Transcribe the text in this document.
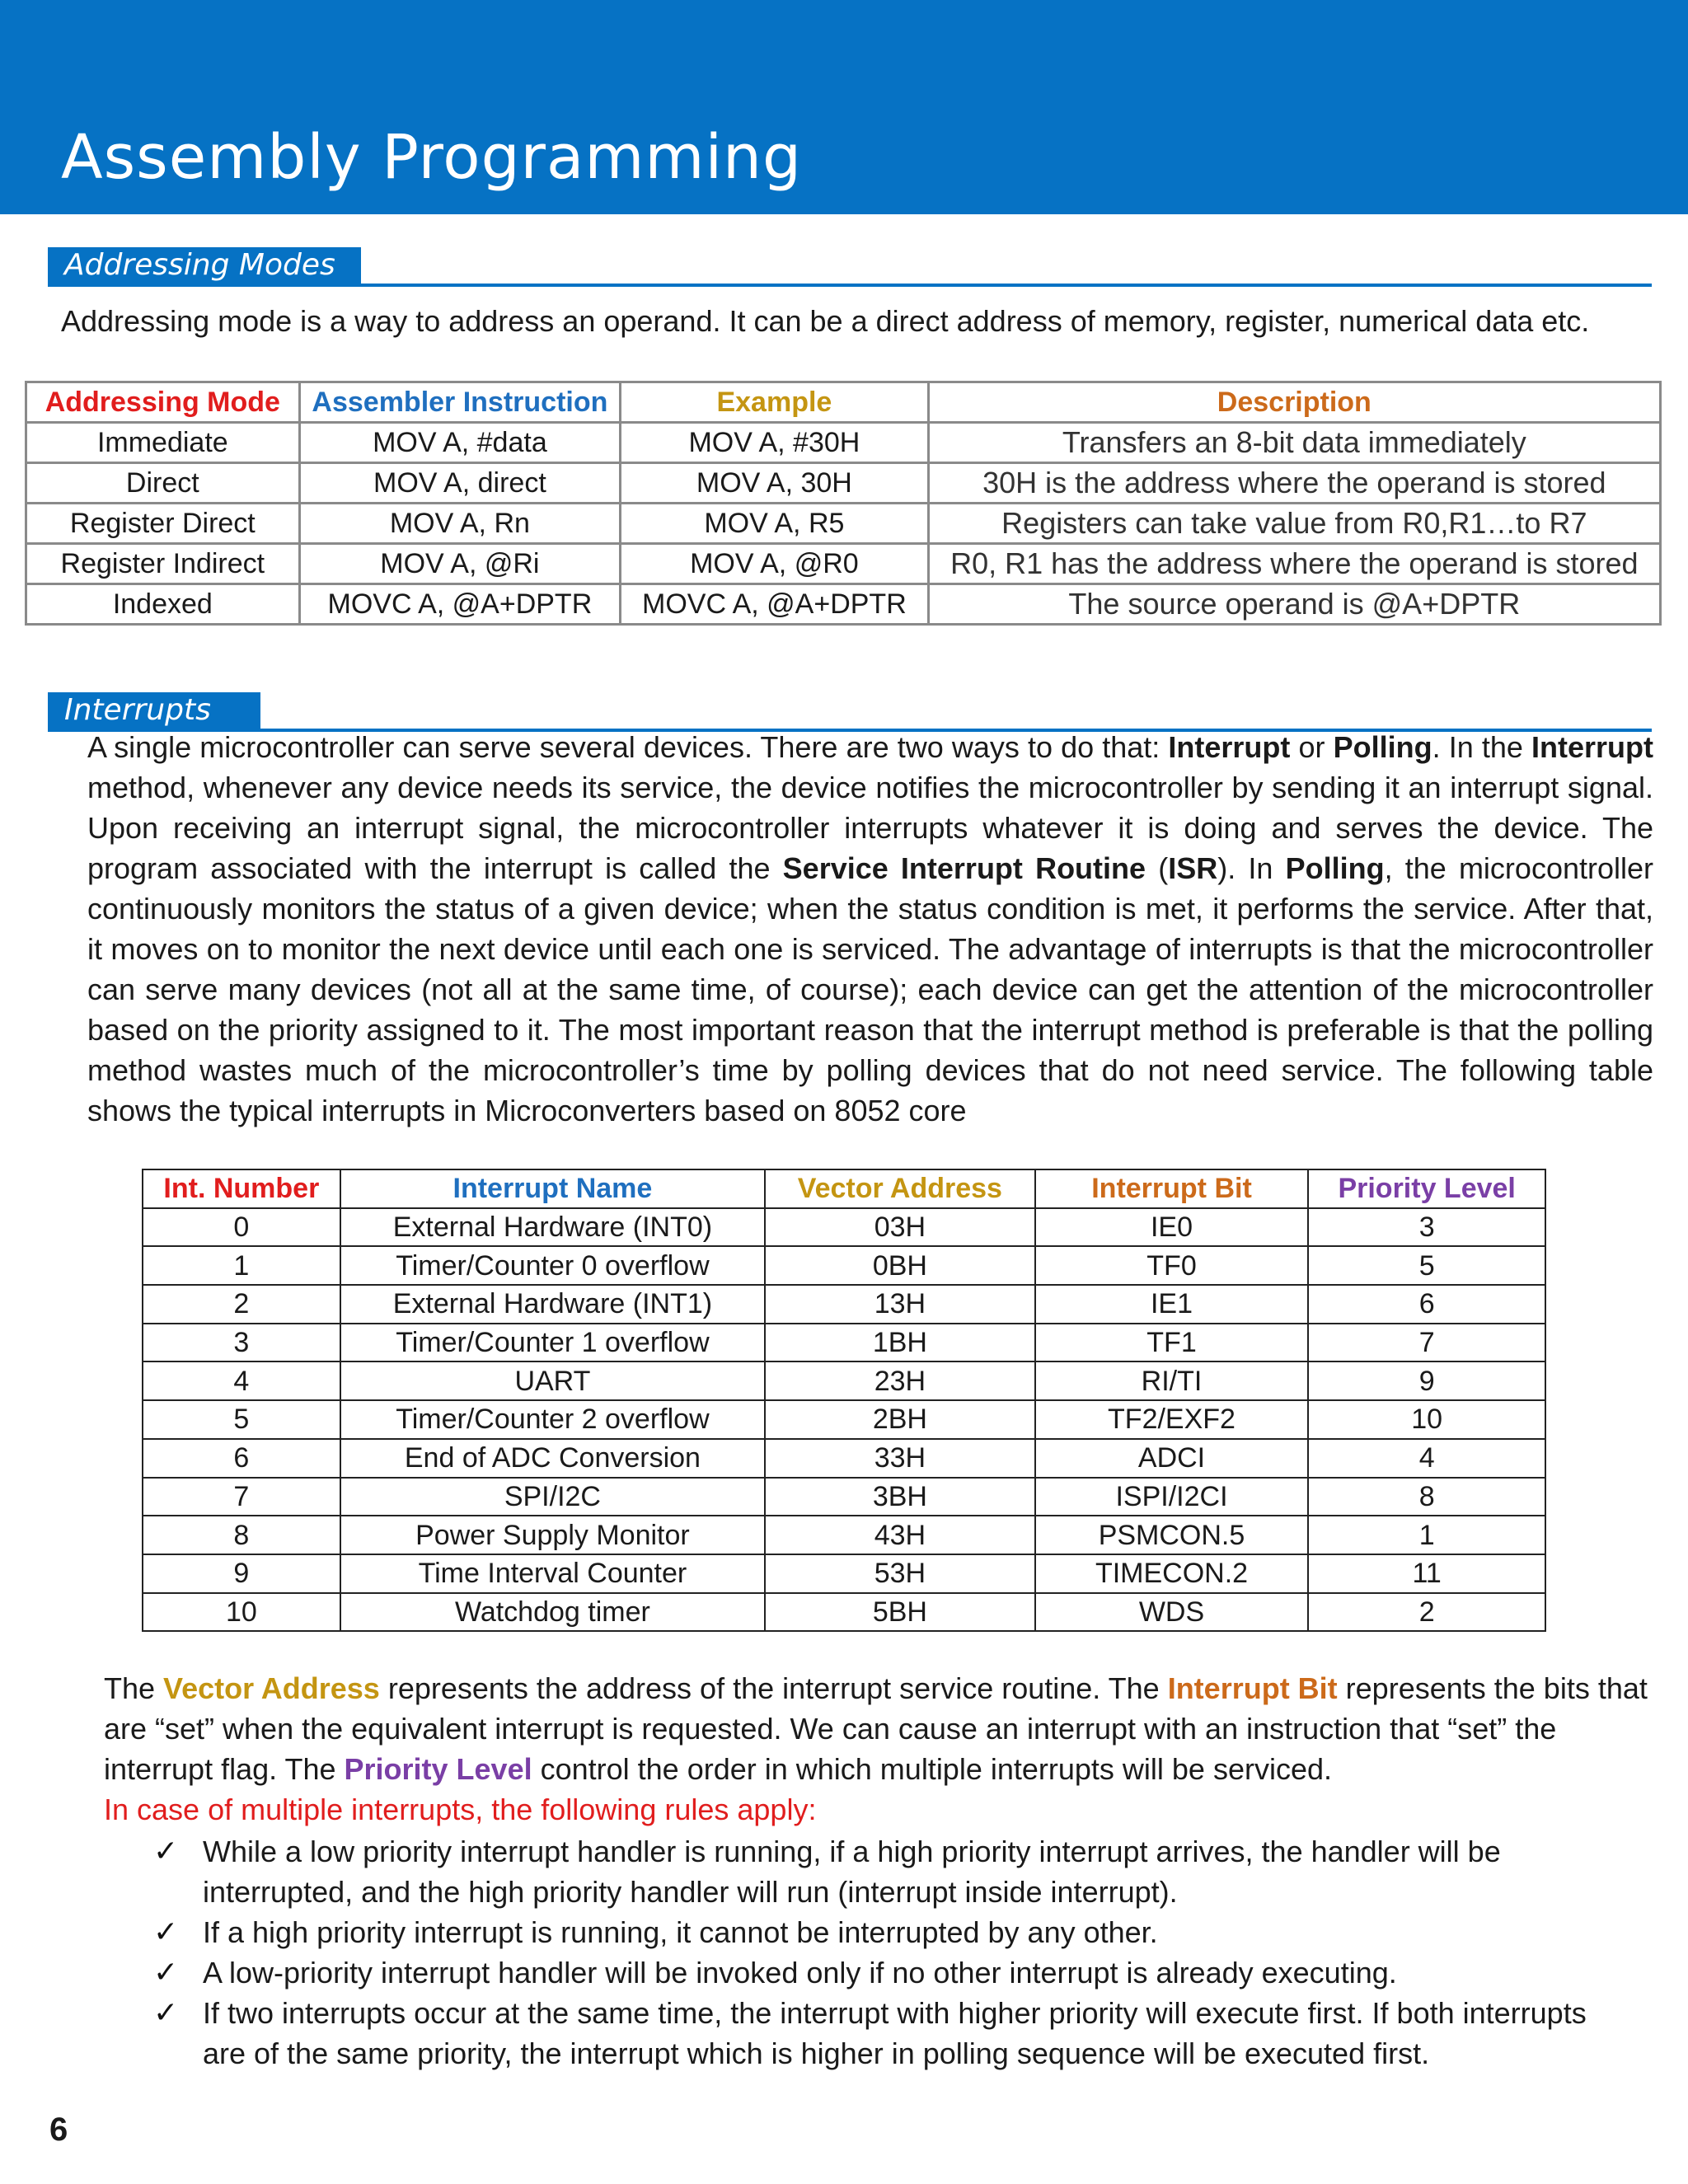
Assembly Programming
Addressing Modes
Addressing mode is a way to address an operand. It can be a direct address of memory, register, numerical data etc.
Addressing Mode	Assembler Instruction	Example	Description
Immediate	MOV A, #data	MOV A, #30H	Transfers an 8-bit data immediately
Direct	MOV A, direct	MOV A, 30H	30H is the address where the operand is stored
Register Direct	MOV A, Rn	MOV A, R5	Registers can take value from R0,R1…to R7
Register Indirect	MOV A, @Ri	MOV A, @R0	R0, R1 has the address where the operand is stored
Indexed	MOVC A, @A+DPTR	MOVC A, @A+DPTR	The source operand is @A+DPTR
Interrupts
A single microcontroller can serve several devices. There are two ways to do that: Interrupt or Polling. In the Interrupt method, whenever any device needs its service, the device notifies the microcontroller by sending it an interrupt signal. Upon receiving an interrupt signal, the microcontroller interrupts whatever it is doing and serves the device. The program associated with the interrupt is called the Service Interrupt Routine (ISR). In Polling, the microcontroller continuously monitors the status of a given device; when the status condition is met, it performs the service. After that, it moves on to monitor the next device until each one is serviced. The advantage of interrupts is that the microcontroller can serve many devices (not all at the same time, of course); each device can get the attention of the microcontroller based on the priority assigned to it. The most important reason that the interrupt method is preferable is that the polling method wastes much of the microcontroller’s time by polling devices that do not need service. The following table shows the typical interrupts in Microconverters based on 8052 core
Int. Number	Interrupt Name	Vector Address	Interrupt Bit	Priority Level
0	External Hardware (INT0)	03H	IE0	3
1	Timer/Counter 0 overflow	0BH	TF0	5
2	External Hardware (INT1)	13H	IE1	6
3	Timer/Counter 1 overflow	1BH	TF1	7
4	UART	23H	RI/TI	9
5	Timer/Counter 2 overflow	2BH	TF2/EXF2	10
6	End of ADC Conversion	33H	ADCI	4
7	SPI/I2C	3BH	ISPI/I2CI	8
8	Power Supply Monitor	43H	PSMCON.5	1
9	Time Interval Counter	53H	TIMECON.2	11
10	Watchdog timer	5BH	WDS	2
The Vector Address represents the address of the interrupt service routine. The Interrupt Bit represents the bits that are “set” when the equivalent interrupt is requested. We can cause an interrupt with an instruction that “set” the interrupt flag. The Priority Level control the order in which multiple interrupts will be serviced.
In case of multiple interrupts, the following rules apply:
✓ While a low priority interrupt handler is running, if a high priority interrupt arrives, the handler will be interrupted, and the high priority handler will run (interrupt inside interrupt).
✓ If a high priority interrupt is running, it cannot be interrupted by any other.
✓ A low-priority interrupt handler will be invoked only if no other interrupt is already executing.
✓ If two interrupts occur at the same time, the interrupt with higher priority will execute first. If both interrupts are of the same priority, the interrupt which is higher in polling sequence will be executed first.
6
